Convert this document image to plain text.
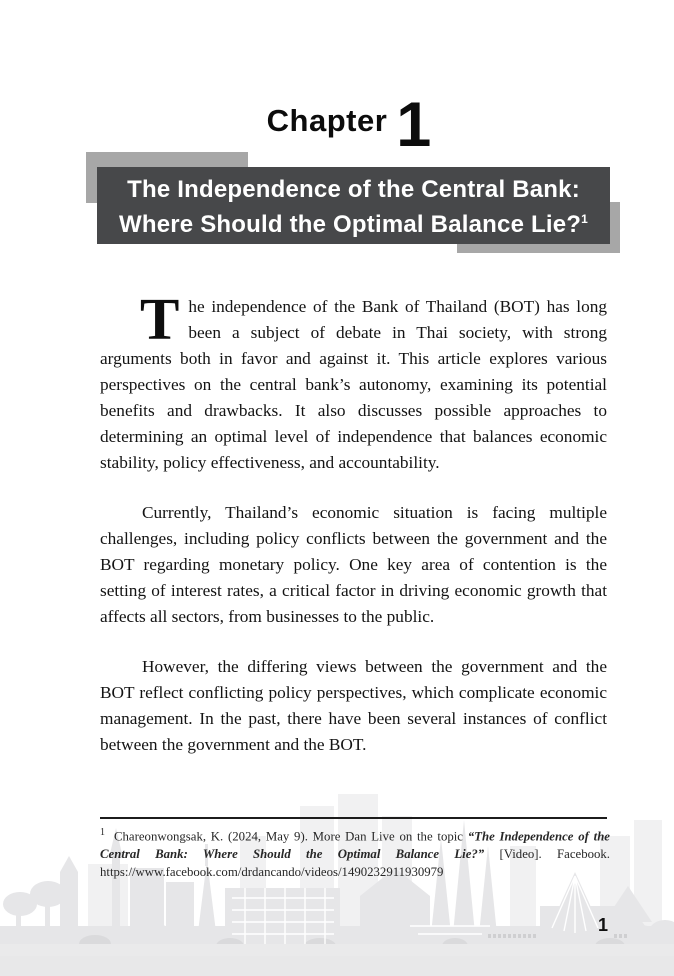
Chapter 1
The Independence of the Central Bank:
Where Should the Optimal Balance Lie?$^1$

The independence of the Bank of Thailand (BOT) has long been a subject of debate in Thai society, with strong arguments both in favor and against it. This article explores various perspectives on the central bank’s autonomy, examining its potential benefits and drawbacks. It also discusses possible approaches to determining an optimal level of independence that balances economic stability, policy effectiveness, and accountability.

Currently, Thailand’s economic situation is facing multiple challenges, including policy conflicts between the government and the BOT regarding monetary policy. One key area of contention is the setting of interest rates, a critical factor in driving economic growth that affects all sectors, from businesses to the public.

However, the differing views between the government and the BOT reflect conflicting policy perspectives, which complicate economic management. In the past, there have been several instances of conflict between the government and the BOT.

$^1$ Chareonwongsak, K. (2024, May 9). More Dan Live on the topic “The Independence of the Central Bank: Where Should the Optimal Balance Lie?” [Video]. Facebook. https://www.facebook.com/drdancando/videos/1490232911930979
1
